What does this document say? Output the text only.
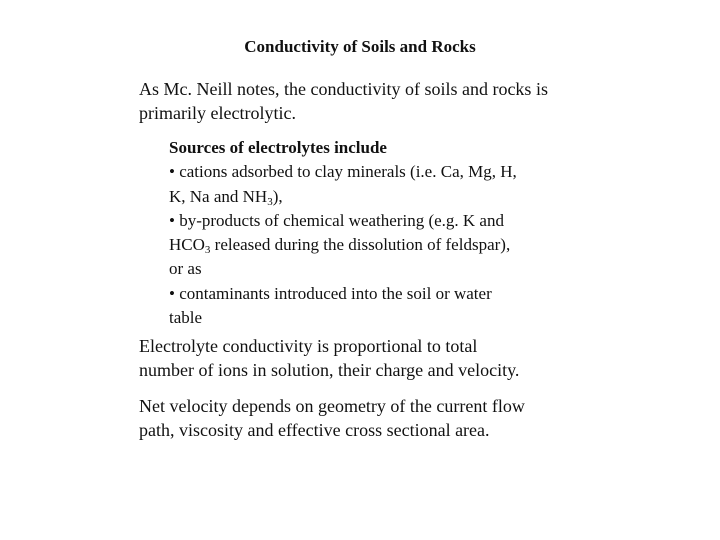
Conductivity of Soils and Rocks
As Mc. Neill notes, the conductivity of soils and rocks is
primarily electrolytic.
Sources of electrolytes include
• cations adsorbed to clay minerals (i.e. Ca, Mg, H,
K, Na and $NH_3$),
• by-products of chemical weathering (e.g. K and
$HCO_3$ released during the dissolution of feldspar),
or as
• contaminants introduced into the soil or water
table
Electrolyte conductivity is proportional to total
number of ions in solution, their charge and velocity.
Net velocity depends on geometry of the current flow
path, viscosity and effective cross sectional area.
